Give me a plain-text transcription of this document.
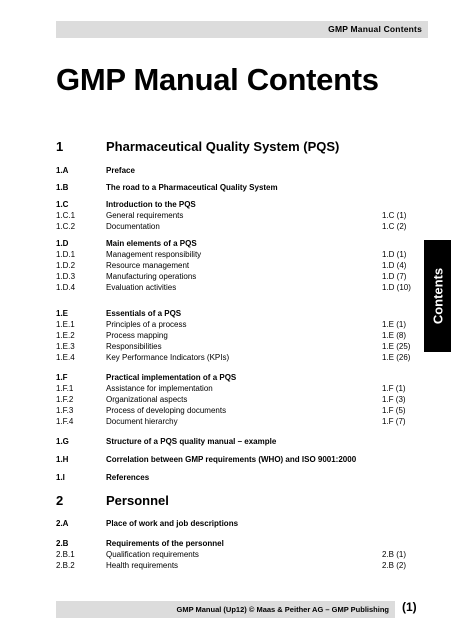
GMP Manual Contents
GMP Manual Contents
1	Pharmaceutical Quality System (PQS)
1.A	Preface
1.B	The road to a Pharmaceutical Quality System
1.C	Introduction to the PQS
1.C.1	General requirements	1.C (1)
1.C.2	Documentation	1.C (2)
1.D	Main elements of a PQS
1.D.1	Management responsibility	1.D (1)
1.D.2	Resource management	1.D (4)
1.D.3	Manufacturing operations	1.D (7)
1.D.4	Evaluation activities	1.D (10)
1.E	Essentials of a PQS
1.E.1	Principles of a process	1.E (1)
1.E.2	Process mapping	1.E (8)
1.E.3	Responsibilities	1.E (25)
1.E.4	Key Performance Indicators (KPIs)	1.E (26)
1.F	Practical implementation of a PQS
1.F.1	Assistance for implementation	1.F (1)
1.F.2	Organizational aspects	1.F (3)
1.F.3	Process of developing documents	1.F (5)
1.F.4	Document hierarchy	1.F (7)
1.G	Structure of a PQS quality manual – example
1.H	Correlation between GMP requirements (WHO) and ISO 9001:2000
1.I	References
2	Personnel
2.A	Place of work and job descriptions
2.B	Requirements of the personnel
2.B.1	Qualification requirements	2.B (1)
2.B.2	Health requirements	2.B (2)
Contents
GMP Manual (Up12) © Maas & Peither AG – GMP Publishing	(1)
